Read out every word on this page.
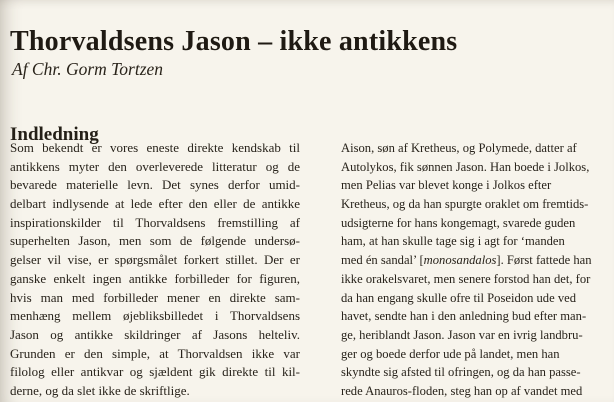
Thorvaldsens Jason – ikke antikkens
Af Chr. Gorm Tortzen
Indledning
Som bekendt er vores eneste direkte kendskab til
antikkens myter den overleverede litteratur og de
bevarede materielle levn. Det synes derfor umid-
delbart indlysende at lede efter den eller de antikke
inspirationskilder til Thorvaldsens fremstilling af
superhelten Jason, men som de følgende undersø-
gelser vil vise, er spørgsmålet forkert stillet. Der er
ganske enkelt ingen antikke forbilleder for figuren,
hvis man med forbilleder mener en direkte sam-
menhæng mellem øjebliksbilledet i Thorvaldsens
Jason og antikke skildringer af Jasons helteliv.
Grunden er den simple, at Thorvaldsen ikke var
filolog eller antikvar og sjældent gik direkte til kil-
derne, og da slet ikke de skriftlige.
Aison, søn af Kretheus, og Polymede, datter af
Autolykos, fik sønnen Jason. Han boede i Jolkos,
men Pelias var blevet konge i Jolkos efter
Kretheus, og da han spurgte oraklet om fremtids-
udsigterne for hans kongemagt, svarede guden
ham, at han skulle tage sig i agt for ‘manden
med én sandal’ [monosandalos]. Først fattede han
ikke orakelsvaret, men senere forstod han det, for
da han engang skulle ofre til Poseidon ude ved
havet, sendte han i den anledning bud efter man-
ge, heriblandt Jason. Jason var en ivrig landbru-
ger og boede derfor ude på landet, men han
skyndte sig afsted til ofringen, og da han passe-
rede Anauros-floden, steg han op af vandet med
